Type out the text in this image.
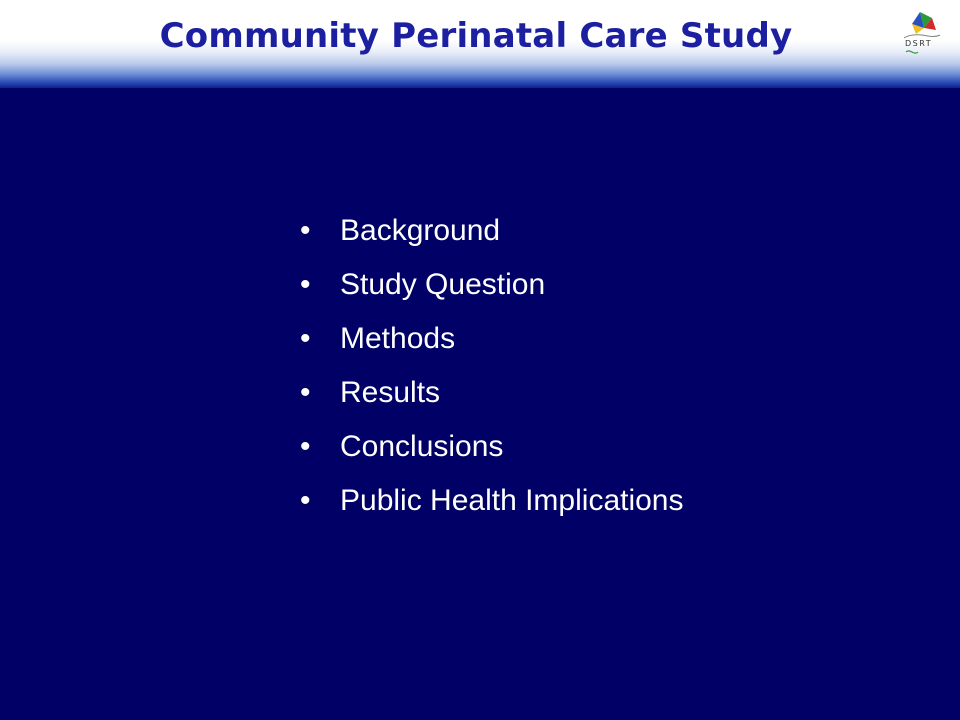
Community Perinatal Care Study	DSRT
• Background
• Study Question
• Methods
• Results
• Conclusions
• Public Health Implications
